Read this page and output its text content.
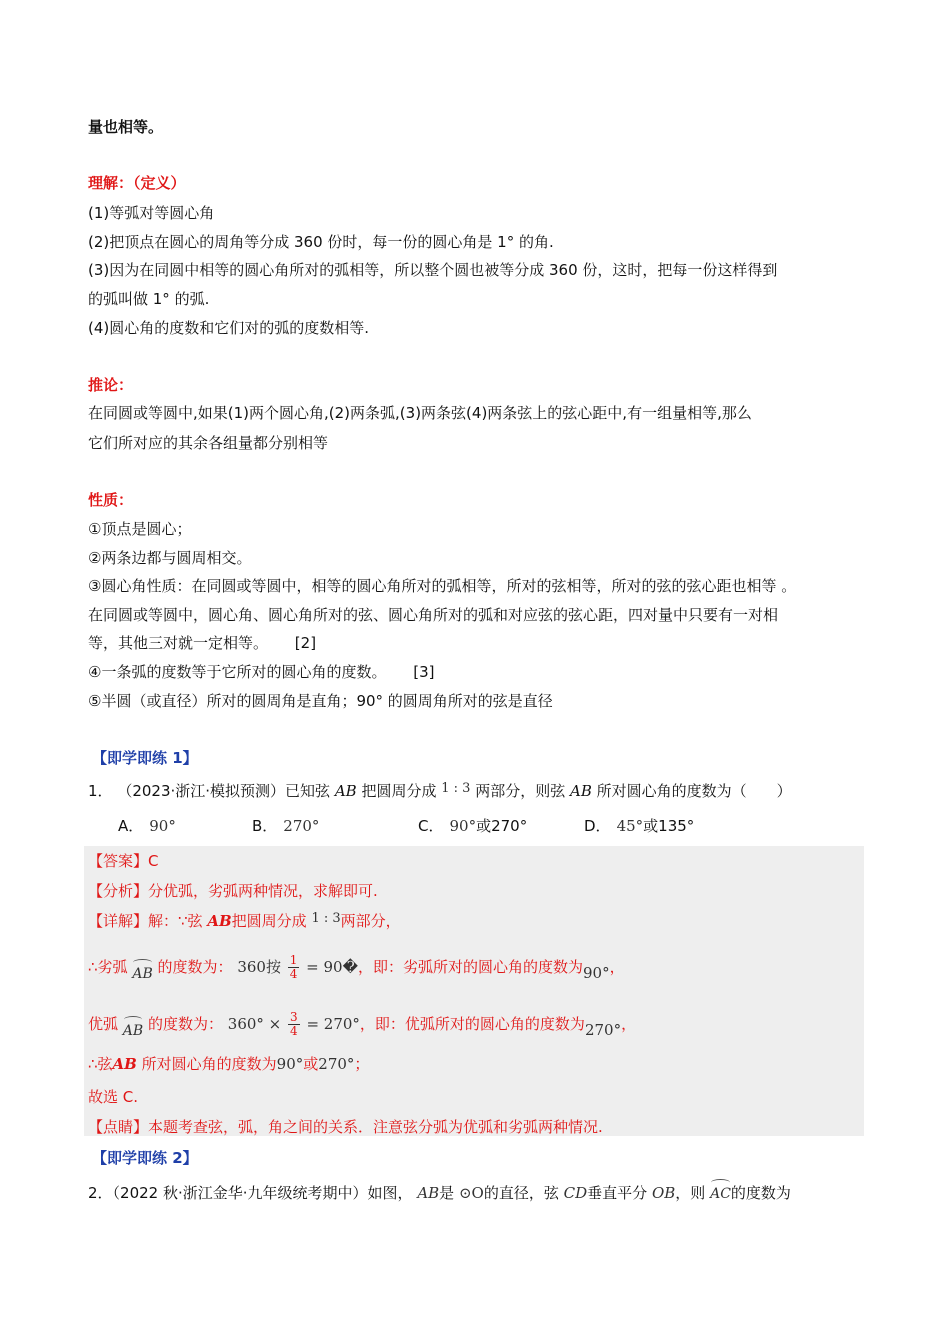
量也相等。
理解：（定义）
(1)等弧对等圆心角
(2)把顶点在圆心的周角等分成 360 份时，每一份的圆心角是 1° 的角.
(3)因为在同圆中相等的圆心角所对的弧相等，所以整个圆也被等分成 360 份，这时，把每一份这样得到
的弧叫做 1° 的弧.
(4)圆心角的度数和它们对的弧的度数相等.
推论：
在同圆或等圆中,如果(1)两个圆心角,(2)两条弧,(3)两条弦(4)两条弦上的弦心距中,有一组量相等,那么
它们所对应的其余各组量都分别相等
性质：
①顶点是圆心；
②两条边都与圆周相交。
③圆心角性质：在同圆或等圆中，相等的圆心角所对的弧相等，所对的弦相等，所对的弦的弦心距也相等 。
在同圆或等圆中，圆心角、圆心角所对的弦、圆心角所对的弧和对应弦的弦心距，四对量中只要有一对相
等，其他三对就一定相等。 [2]
④一条弧的度数等于它所对的圆心角的度数。 [3]
⑤半圆（或直径）所对的圆周角是直角；90° 的圆周角所对的弦是直径
【即学即练 1】
1． （2023·浙江·模拟预测）已知弦 AB 把圆周分成 1 : 3 两部分，则弦 AB 所对圆心角的度数为（　　）
A． 90°	B． 270°	C． 90°或270°	D． 45°或135°
【答案】C
【分析】分优弧，劣弧两种情况，求解即可.
【详解】解：∵弦 AB把圆周分成 1 : 3两部分，
∴劣弧 AB 的度数为： 360按 $\frac{1}{4}$ = 90�，即：劣弧所对的圆心角的度数为90°，
优弧 AB 的度数为： $360^\circ \times \frac{3}{4} = 270^\circ$，即：优弧所对的圆心角的度数为270°，
∴弦AB 所对圆心角的度数为90°或270°；
故选 C.
【点睛】本题考查弦，弧，角之间的关系．注意弦分弧为优弧和劣弧两种情况.
【即学即练 2】
2．（2022 秋·浙江金华·九年级统考期中）如图， AB是 ⊙O的直径，弦 CD垂直平分 OB，则 AC的度数为
